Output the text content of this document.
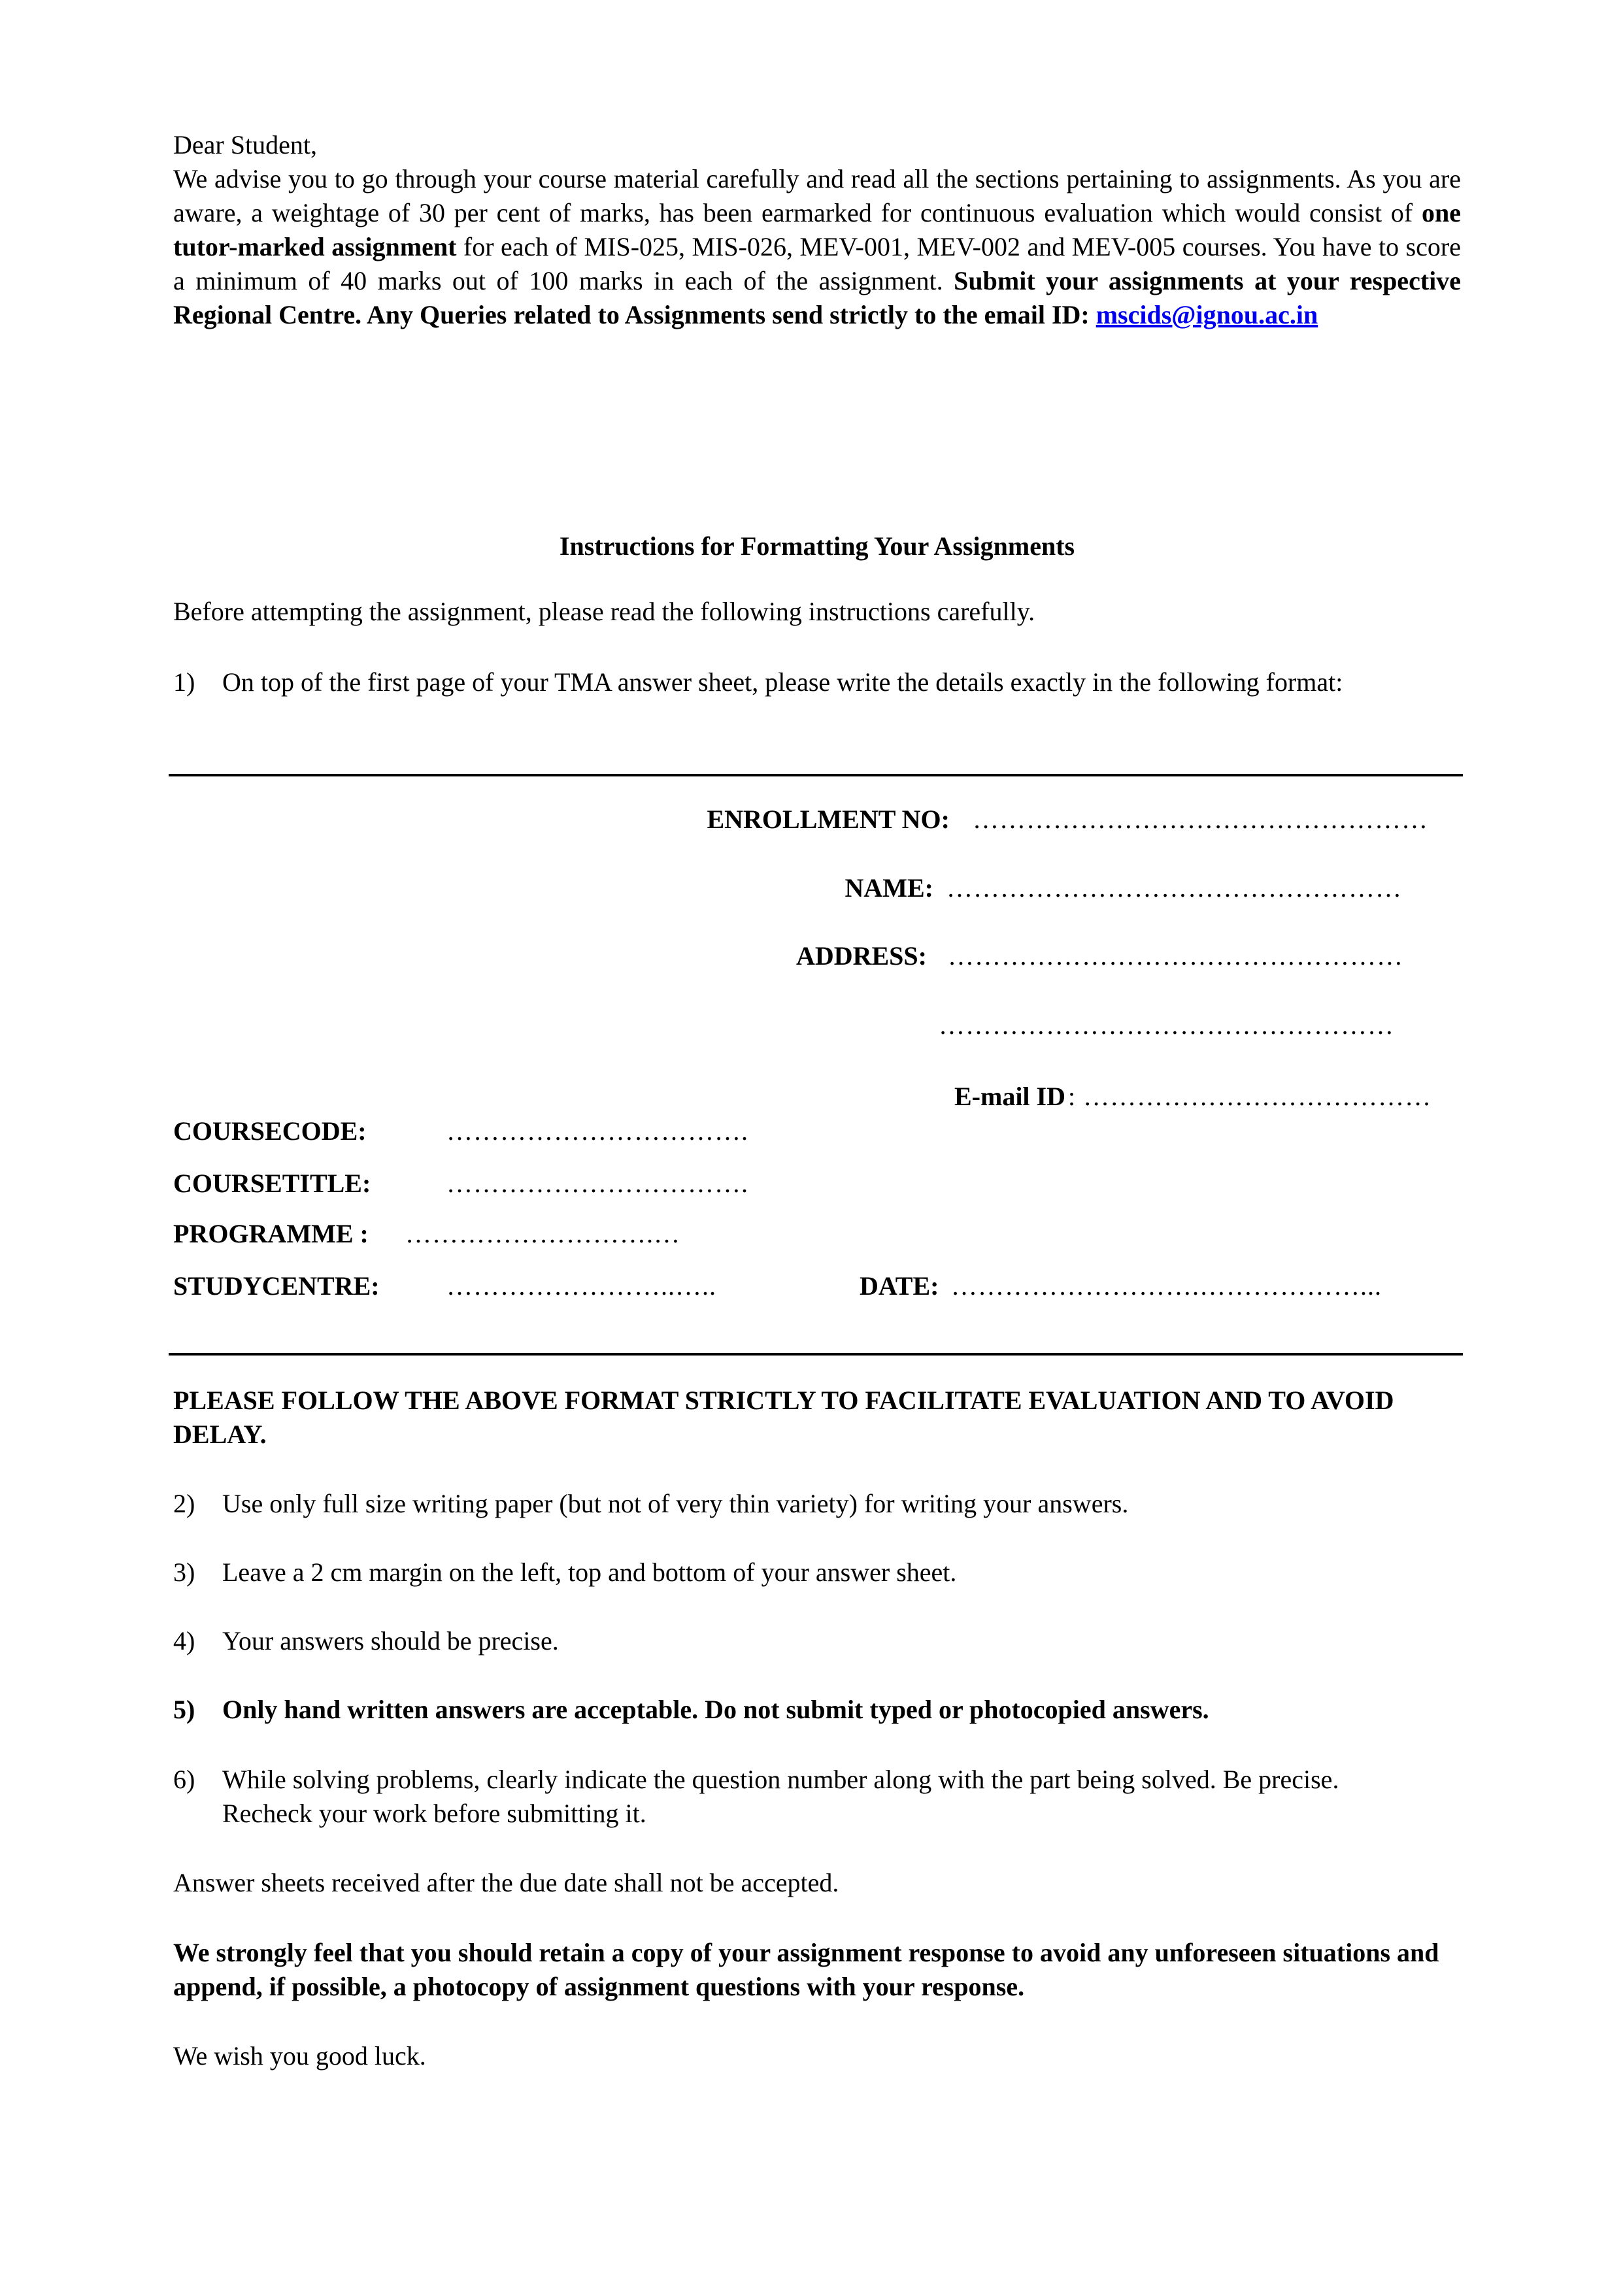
Dear Student,
We advise you to go through your course material carefully and read all the sections pertaining to assignments. As you are aware, a weightage of 30 per cent of marks, has been earmarked for continuous evaluation which would consist of one tutor-marked assignment for each of MIS-025, MIS-026, MEV-001, MEV-002 and MEV-005 courses. You have to score a minimum of 40 marks out of 100 marks in each of the assignment. Submit your assignments at your respective Regional Centre. Any Queries related to Assignments send strictly to the email ID: mscids@ignou.ac.in
Instructions for Formatting Your Assignments
Before attempting the assignment, please read the following instructions carefully.
1)	On top of the first page of your TMA answer sheet, please write the details exactly in the following format:
ENROLLMENT NO: ……………………………………………
NAME: ……………………………………………
ADDRESS: ……………………………………………
……………………………………………
E-mail ID : …………………………………
COURSECODE:	…………………………….
COURSETITLE:	…………………………….
PROGRAMME : ……………………….…
STUDYCENTRE:	……………………..…..	DATE: ……………………….………………...
PLEASE FOLLOW THE ABOVE FORMAT STRICTLY TO FACILITATE EVALUATION AND TO AVOID DELAY.
2)	Use only full size writing paper (but not of very thin variety) for writing your answers.
3)	Leave a 2 cm margin on the left, top and bottom of your answer sheet.
4)	Your answers should be precise.
5)	Only hand written answers are acceptable. Do not submit typed or photocopied answers.
6)	While solving problems, clearly indicate the question number along with the part being solved. Be precise. Recheck your work before submitting it.
Answer sheets received after the due date shall not be accepted.
We strongly feel that you should retain a copy of your assignment response to avoid any unforeseen situations and append, if possible, a photocopy of assignment questions with your response.
We wish you good luck.
